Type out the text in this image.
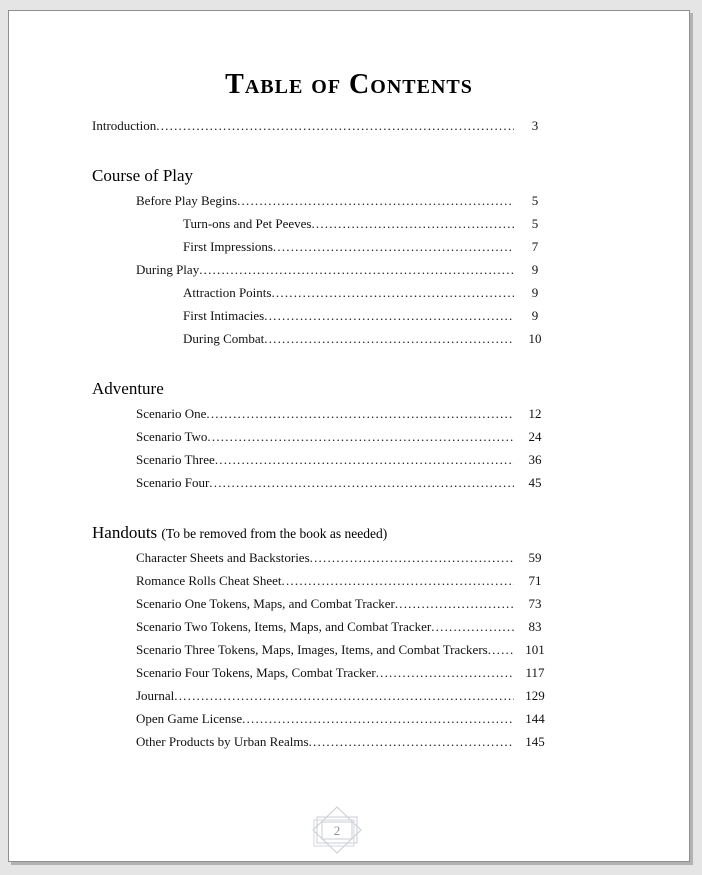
Table of Contents
Introduction .....	3
Course of Play
Before Play Begins .....	5
Turn-ons and Pet Peeves .....	5
First Impressions .....	7
During Play .....	9
Attraction Points .....	9
First Intimacies .....	9
During Combat .....	10
Adventure
Scenario One .....	12
Scenario Two .....	24
Scenario Three .....	36
Scenario Four .....	45
Handouts (To be removed from the book as needed)
Character Sheets and Backstories .....	59
Romance Rolls Cheat Sheet .....	71
Scenario One Tokens, Maps, and Combat Tracker .....	73
Scenario Two Tokens, Items, Maps, and Combat Tracker .....	83
Scenario Three Tokens, Maps, Images, Items, and Combat Trackers .....	101
Scenario Four Tokens, Maps, Combat Tracker .....	117
Journal .....	129
Open Game License .....	144
Other Products by Urban Realms .....	145
2
